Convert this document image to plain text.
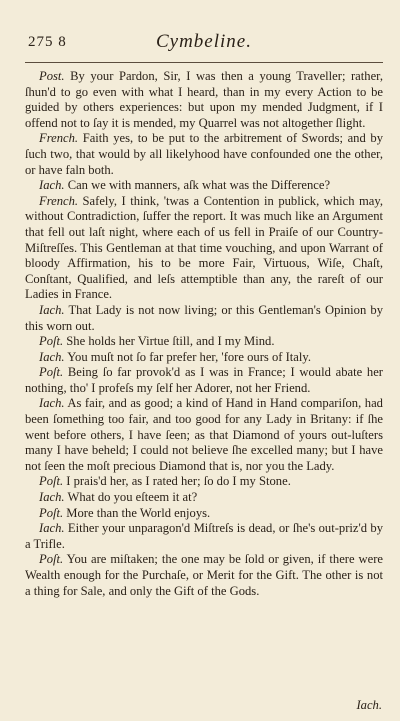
275 8	Cymbeline.

Post. By your Pardon, Sir, I was then a young Traveller; rather, ſhun'd to go even with what I heard, than in my every Action to be guided by others experiences: but upon my mended Judgment, if I offend not to ſay it is mended, my Quarrel was not altogether ſlight.

French. Faith yes, to be put to the arbitrement of Swords; and by ſuch two, that would by all likelyhood have confounded one the other, or have faln both.

Iach. Can we with manners, aſk what was the Difference?

French. Safely, I think, 'twas a Contention in publick, which may, without Contradiction, ſuffer the report. It was much like an Argument that fell out laſt night, where each of us fell in Praiſe of our Country-Miſtreſſes. This Gentleman at that time vouching, and upon Warrant of bloody Affirmation, his to be more Fair, Virtuous, Wiſe, Chaſt, Conſtant, Qualified, and leſs attemptible than any, the rareſt of our Ladies in France.

Iach. That Lady is not now living; or this Gentleman's Opinion by this worn out.

Poſt. She holds her Virtue ſtill, and I my Mind.

Iach. You muſt not ſo far prefer her, 'fore ours of Italy.

Poſt. Being ſo far provok'd as I was in France; I would abate her nothing, tho' I profeſs my ſelf her Adorer, not her Friend.

Iach. As fair, and as good; a kind of Hand in Hand compariſon, had been ſomething too fair, and too good for any Lady in Britany: if ſhe went before others, I have ſeen; as that Diamond of yours out-luſters many I have beheld; I could not believe ſhe excelled many; but I have not ſeen the moſt precious Diamond that is, nor you the Lady.

Poſt. I prais'd her, as I rated her; ſo do I my Stone.

Iach. What do you eſteem it at?

Poſt. More than the World enjoys.

Iach. Either your unparagon'd Miſtreſs is dead, or ſhe's out-priz'd by a Trifle.

Poſt. You are miſtaken; the one may be ſold or given, if there were Wealth enough for the Purchaſe, or Merit for the Gift. The other is not a thing for Sale, and only the Gift of the Gods.

Iach.
